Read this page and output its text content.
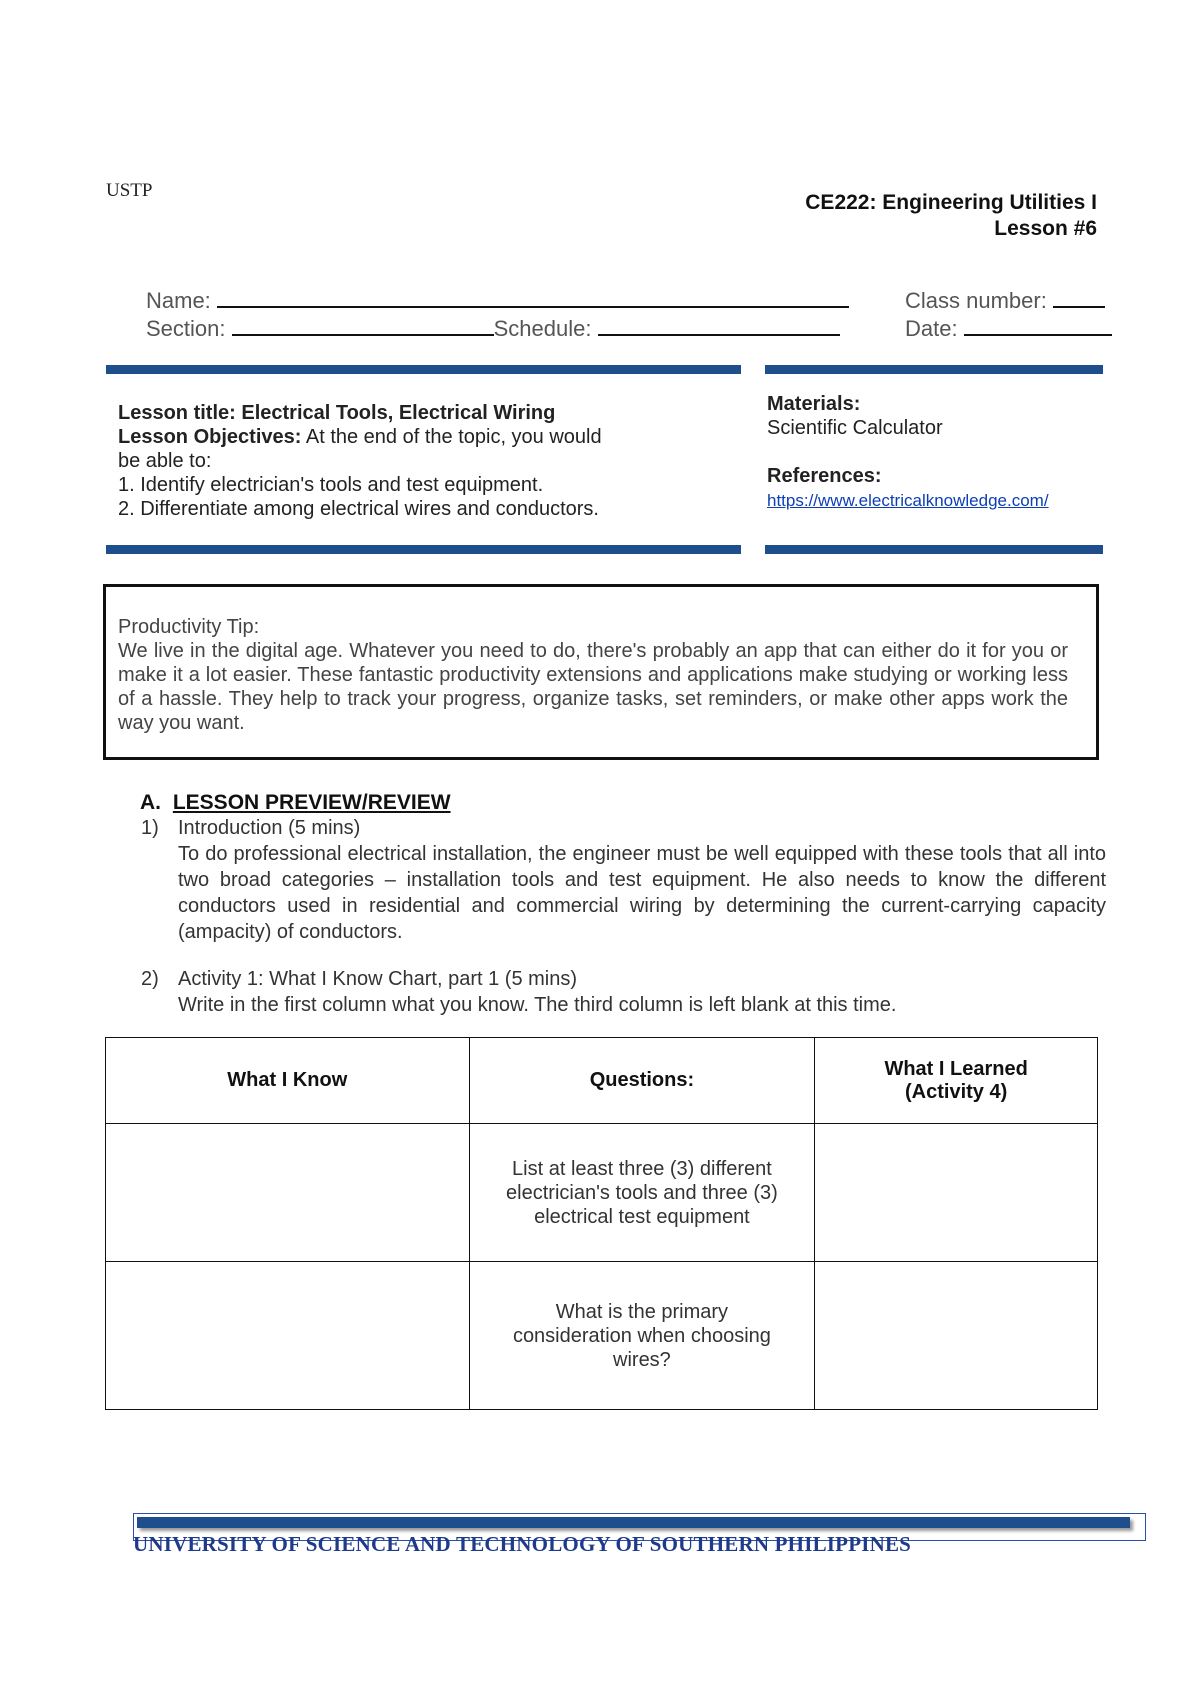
USTP
CE222: Engineering Utilities I
Lesson #6
Name:
Section:	Schedule:
Class number:
Date:
Lesson title: Electrical Tools, Electrical Wiring
Lesson Objectives: At the end of the topic, you would be able to:
1. Identify electrician's tools and test equipment.
2. Differentiate among electrical wires and conductors.
Materials:
Scientific Calculator
References:
https://www.electricalknowledge.com/
Productivity Tip:
We live in the digital age. Whatever you need to do, there's probably an app that can either do it for you or make it a lot easier. These fantastic productivity extensions and applications make studying or working less of a hassle. They help to track your progress, organize tasks, set reminders, or make other apps work the way you want.
A. LESSON PREVIEW/REVIEW
1) Introduction (5 mins)
To do professional electrical installation, the engineer must be well equipped with these tools that all into two broad categories – installation tools and test equipment. He also needs to know the different conductors used in residential and commercial wiring by determining the current-carrying capacity (ampacity) of conductors.
2) Activity 1: What I Know Chart, part 1 (5 mins)
Write in the first column what you know. The third column is left blank at this time.
What I Know	Questions:	What I Learned
(Activity 4)

	List at least three (3) different electrician's tools and three (3) electrical test equipment	
	What is the primary consideration when choosing wires?	
UNIVERSITY OF SCIENCE AND TECHNOLOGY OF SOUTHERN PHILIPPINES
